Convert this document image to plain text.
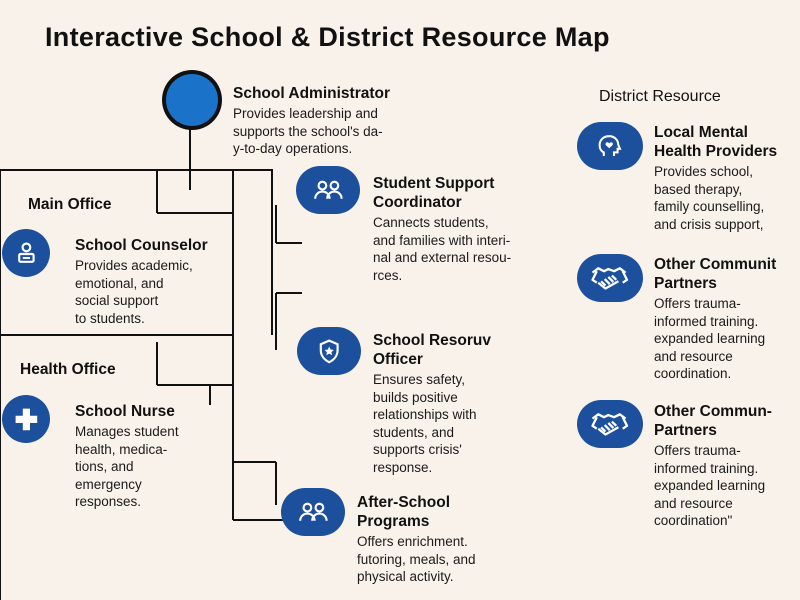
Interactive School & District Resource Map
School Administrator
Provides leadership and
supports the school's da-
y-to-day operations.
Main Office
Health Office
District Resource
School Counselor
Provides academic,
emotional, and
social support
to students.
School Nurse
Manages student
health, medica-
tions, and
emergency
responses.
Student Support
Coordinator
Cannects students,
and families with interi-
nal and external resou-
rces.
School Resoruv
Officer
Ensures safety,
builds positive
relationships with
students, and
supports crisis'
response.
After-School
Programs
Offers enrichment.
futoring, meals, and
physical activity.
Local Mental
Health Providers
Provides school,
based therapy,
family counselling,
and crisis support,
Other Communit
Partners
Offers trauma-
informed training.
expanded learning
and resource
coordination.
Other Commun-
Partners
Offers trauma-
informed training.
expanded learning
and resource
coordination"
